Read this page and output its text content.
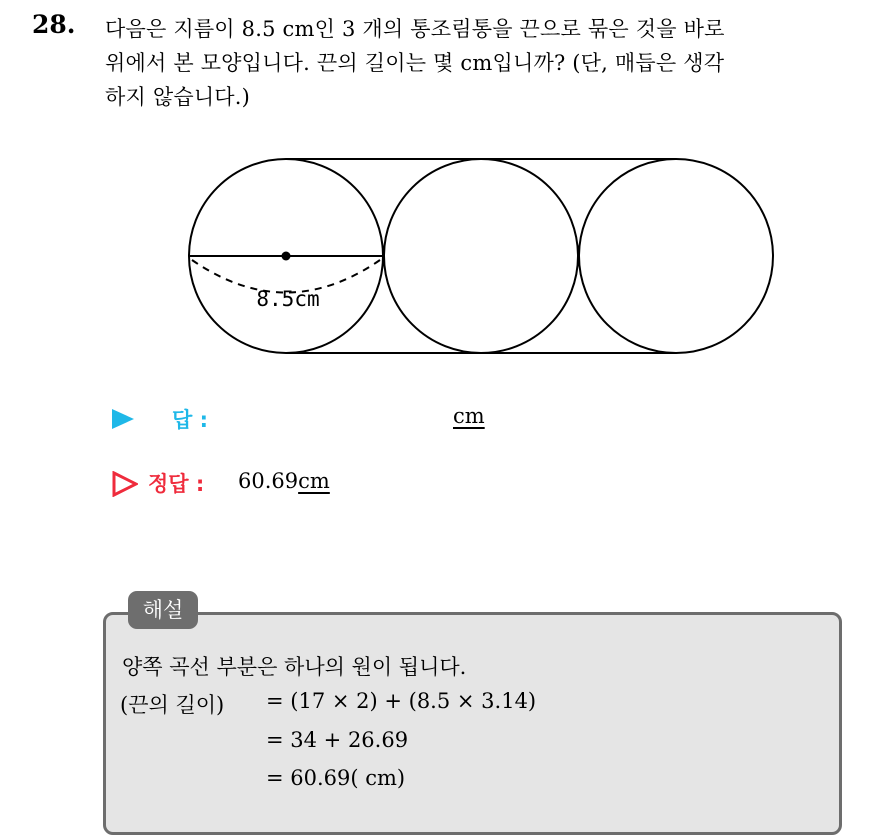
28. 다음은 지름이 8.5 cm인 3 개의 통조림통을 끈으로 묶은 것을 바로
위에서 본 모양입니다. 끈의 길이는 몇 cm입니까? (단, 매듭은 생각
하지 않습니다.)
8.5cm
답 :	cm
정답 : 60.69cm
해설
양쪽 곡선 부분은 하나의 원이 됩니다.
(끈의 길이) = (17 × 2) + (8.5 × 3.14)
= 34 + 26.69
= 60.69( cm)
